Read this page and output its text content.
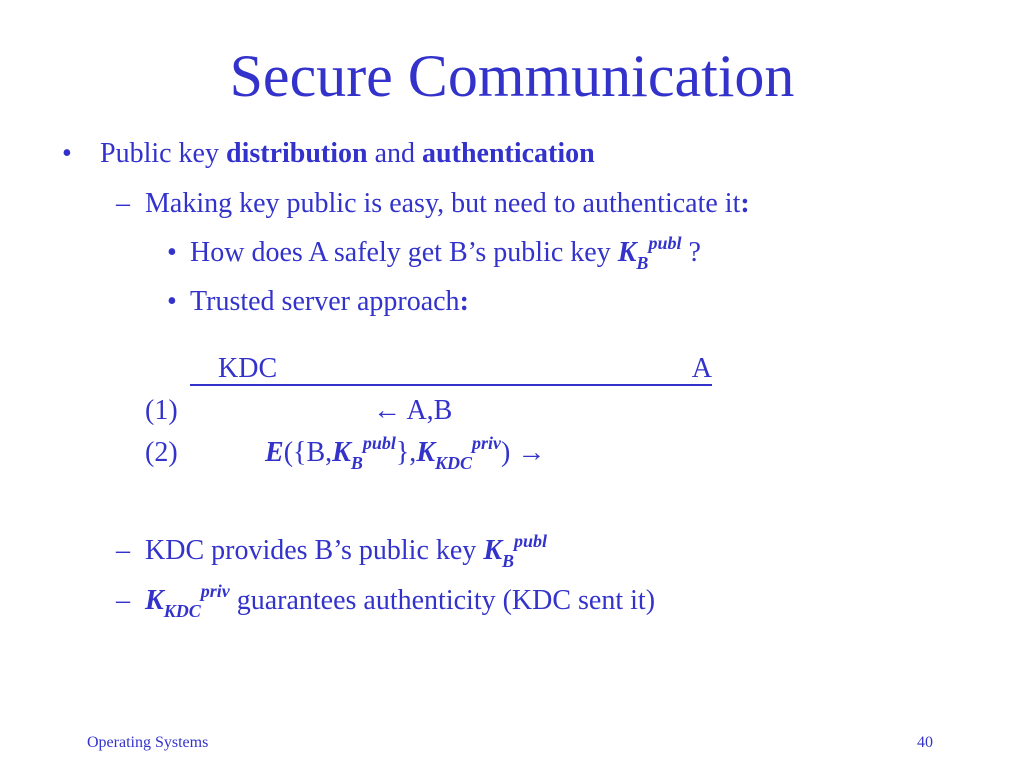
Secure Communication
• Public key distribution and authentication
– Making key public is easy, but need to authenticate it:
• How does A safely get B’s public key $K_B^{publ}$ ?
• Trusted server approach:
KDC	A
(1)	← A,B
(2)	$E(\{B,K_B^{publ}\},K_{KDC}^{priv})$ →
– KDC provides B’s public key $K_B^{publ}$
– $K_{KDC}^{priv}$ guarantees authenticity (KDC sent it)
Operating Systems	40
